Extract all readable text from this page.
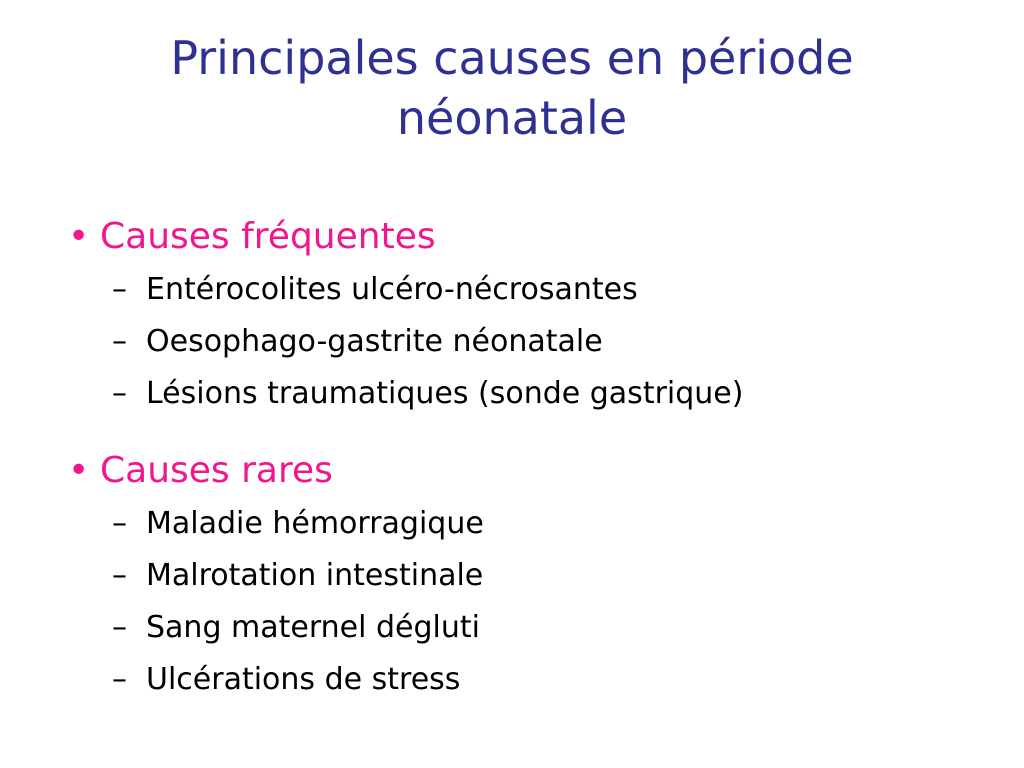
Principales causes en période
néonatale
• Causes fréquentes
– Entérocolites ulcéro-nécrosantes
– Oesophago-gastrite néonatale
– Lésions traumatiques (sonde gastrique)
• Causes rares
– Maladie hémorragique
– Malrotation intestinale
– Sang maternel dégluti
– Ulcérations de stress
